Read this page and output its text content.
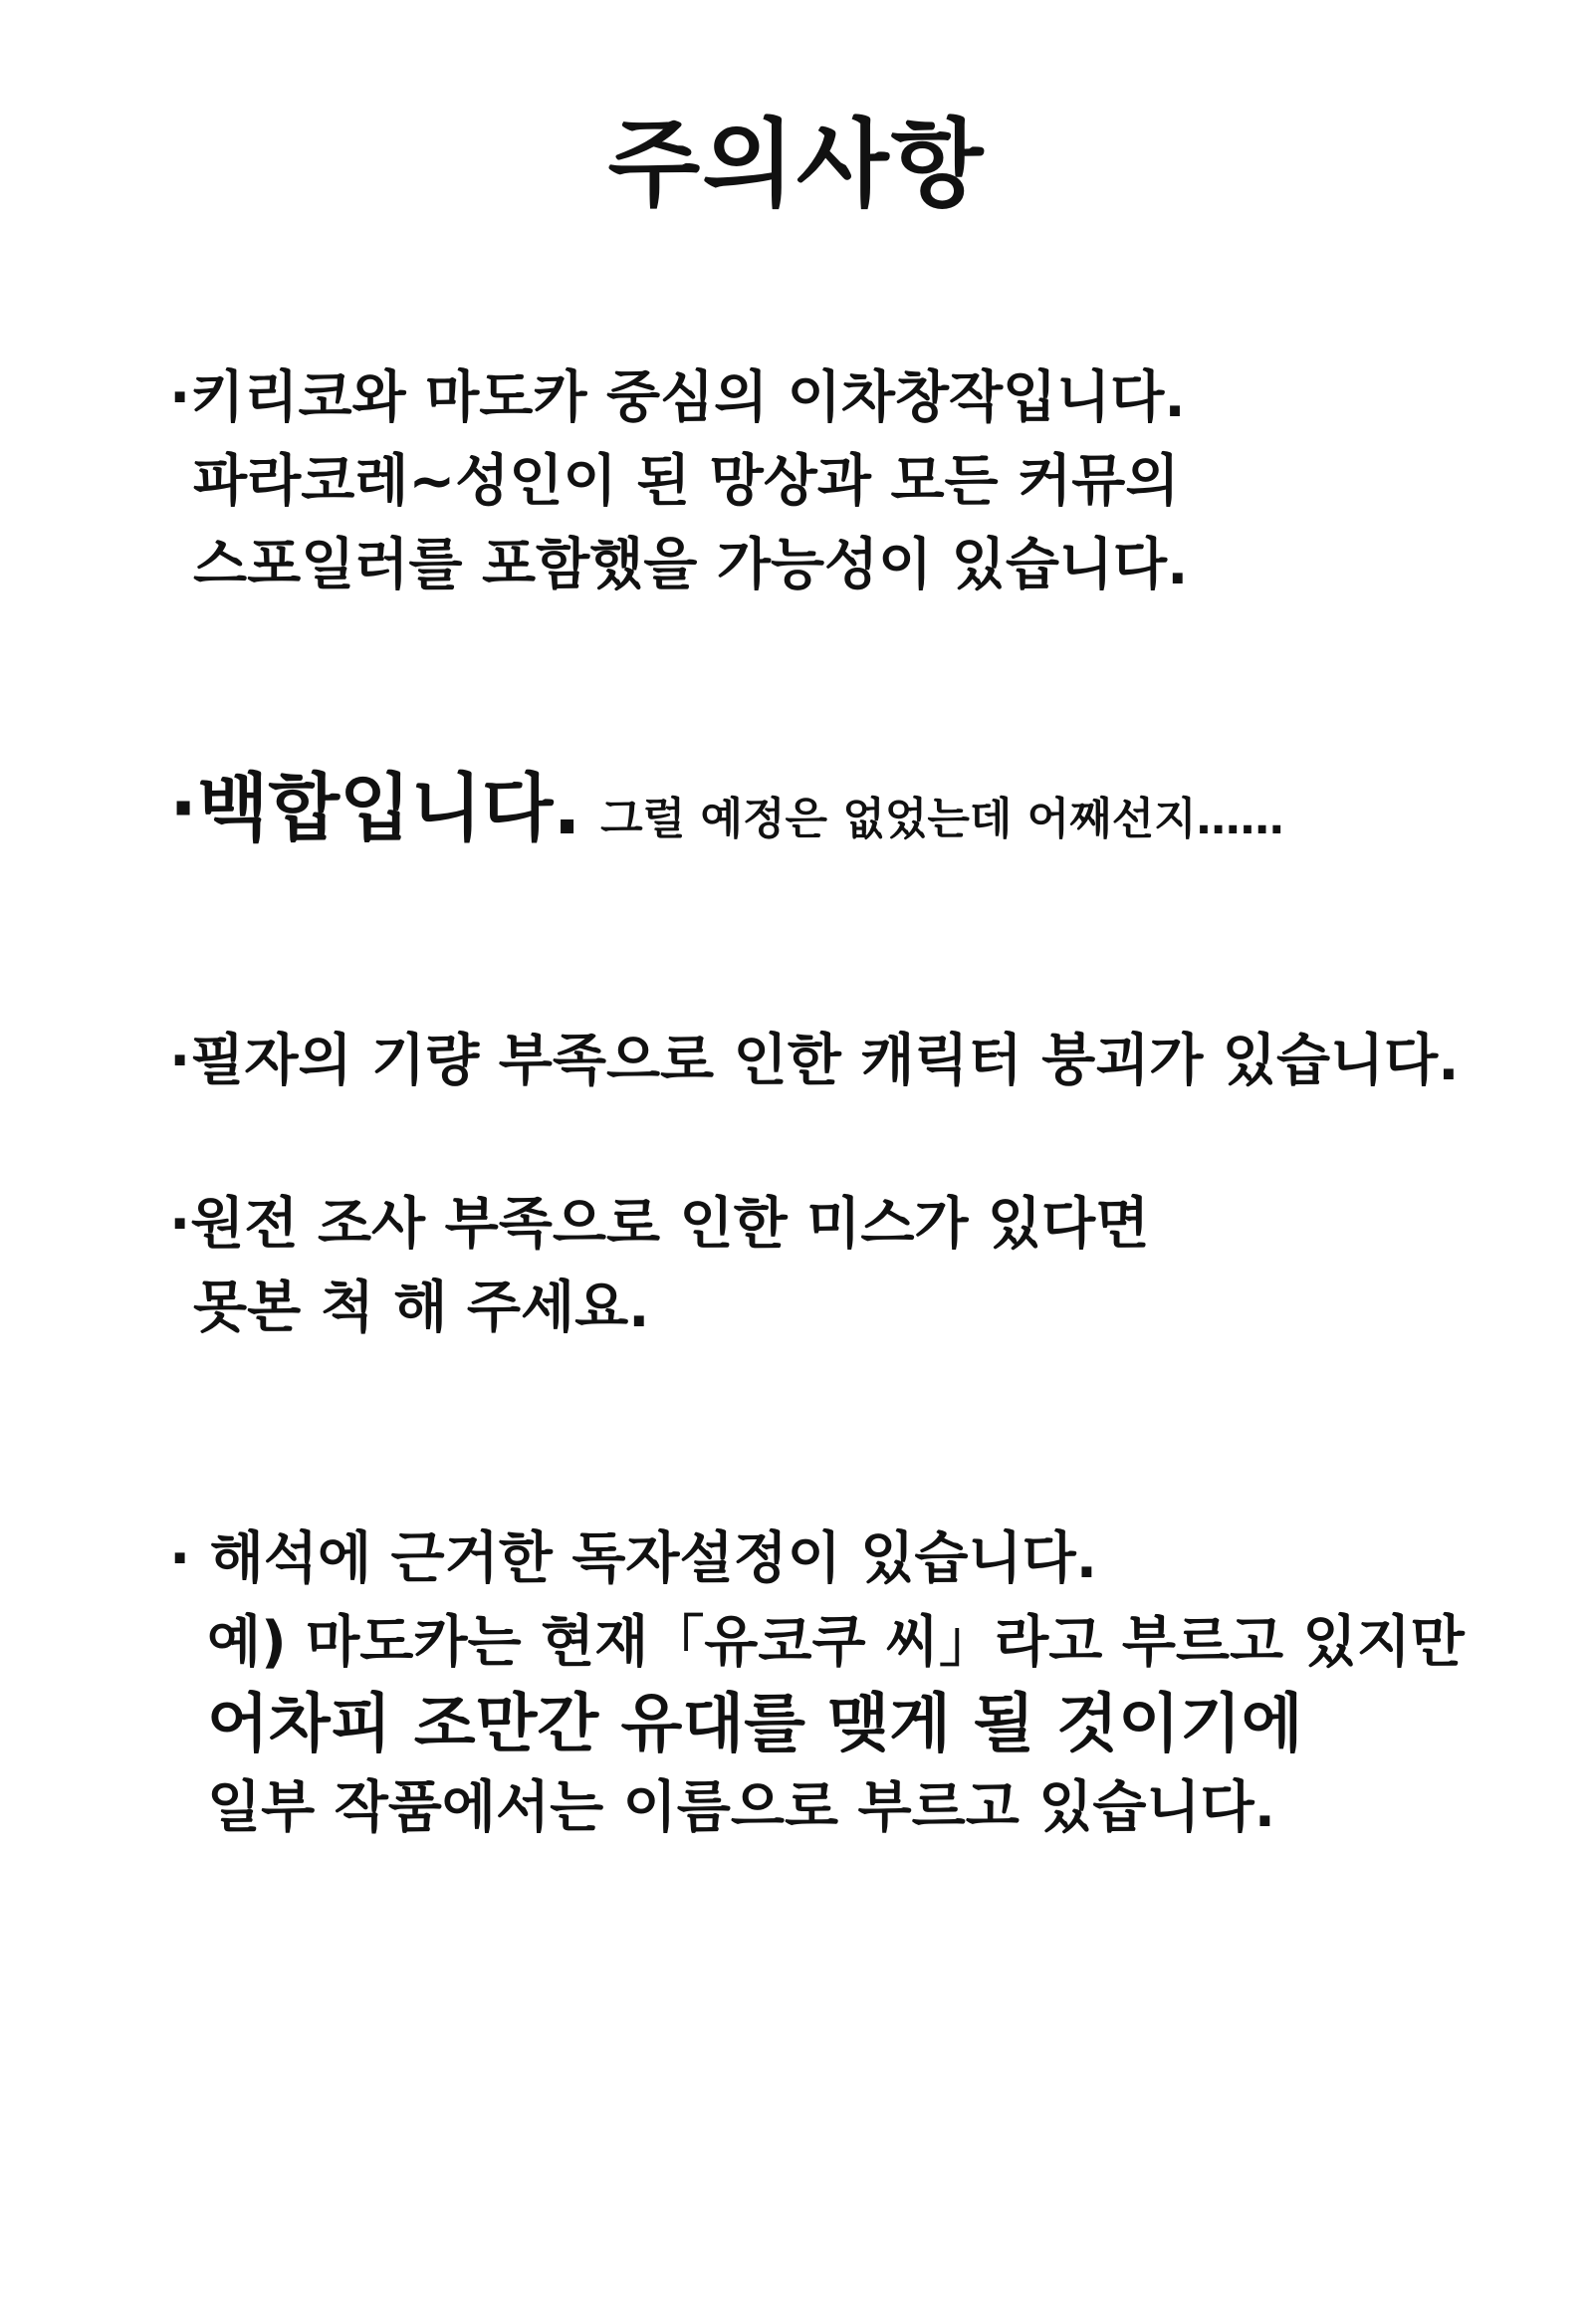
주의사항
·키리코와 마도카 중심의 이차창작입니다.
파라코레~성인이 된 망상과 모든 커뮤의
스포일러를 포함했을 가능성이 있습니다.
·백합입니다. 그럴 예정은 없었는데 어째선지……
·필자의 기량 부족으로 인한 캐릭터 붕괴가 있습니다.
·원전 조사 부족으로 인한 미스가 있다면
못본 척 해 주세요.
· 해석에 근거한 독자설정이 있습니다.
예) 마도카는 현재「유코쿠 씨」라고 부르고 있지만
어차피 조만간 유대를 맺게 될 것이기에
일부 작품에서는 이름으로 부르고 있습니다.
